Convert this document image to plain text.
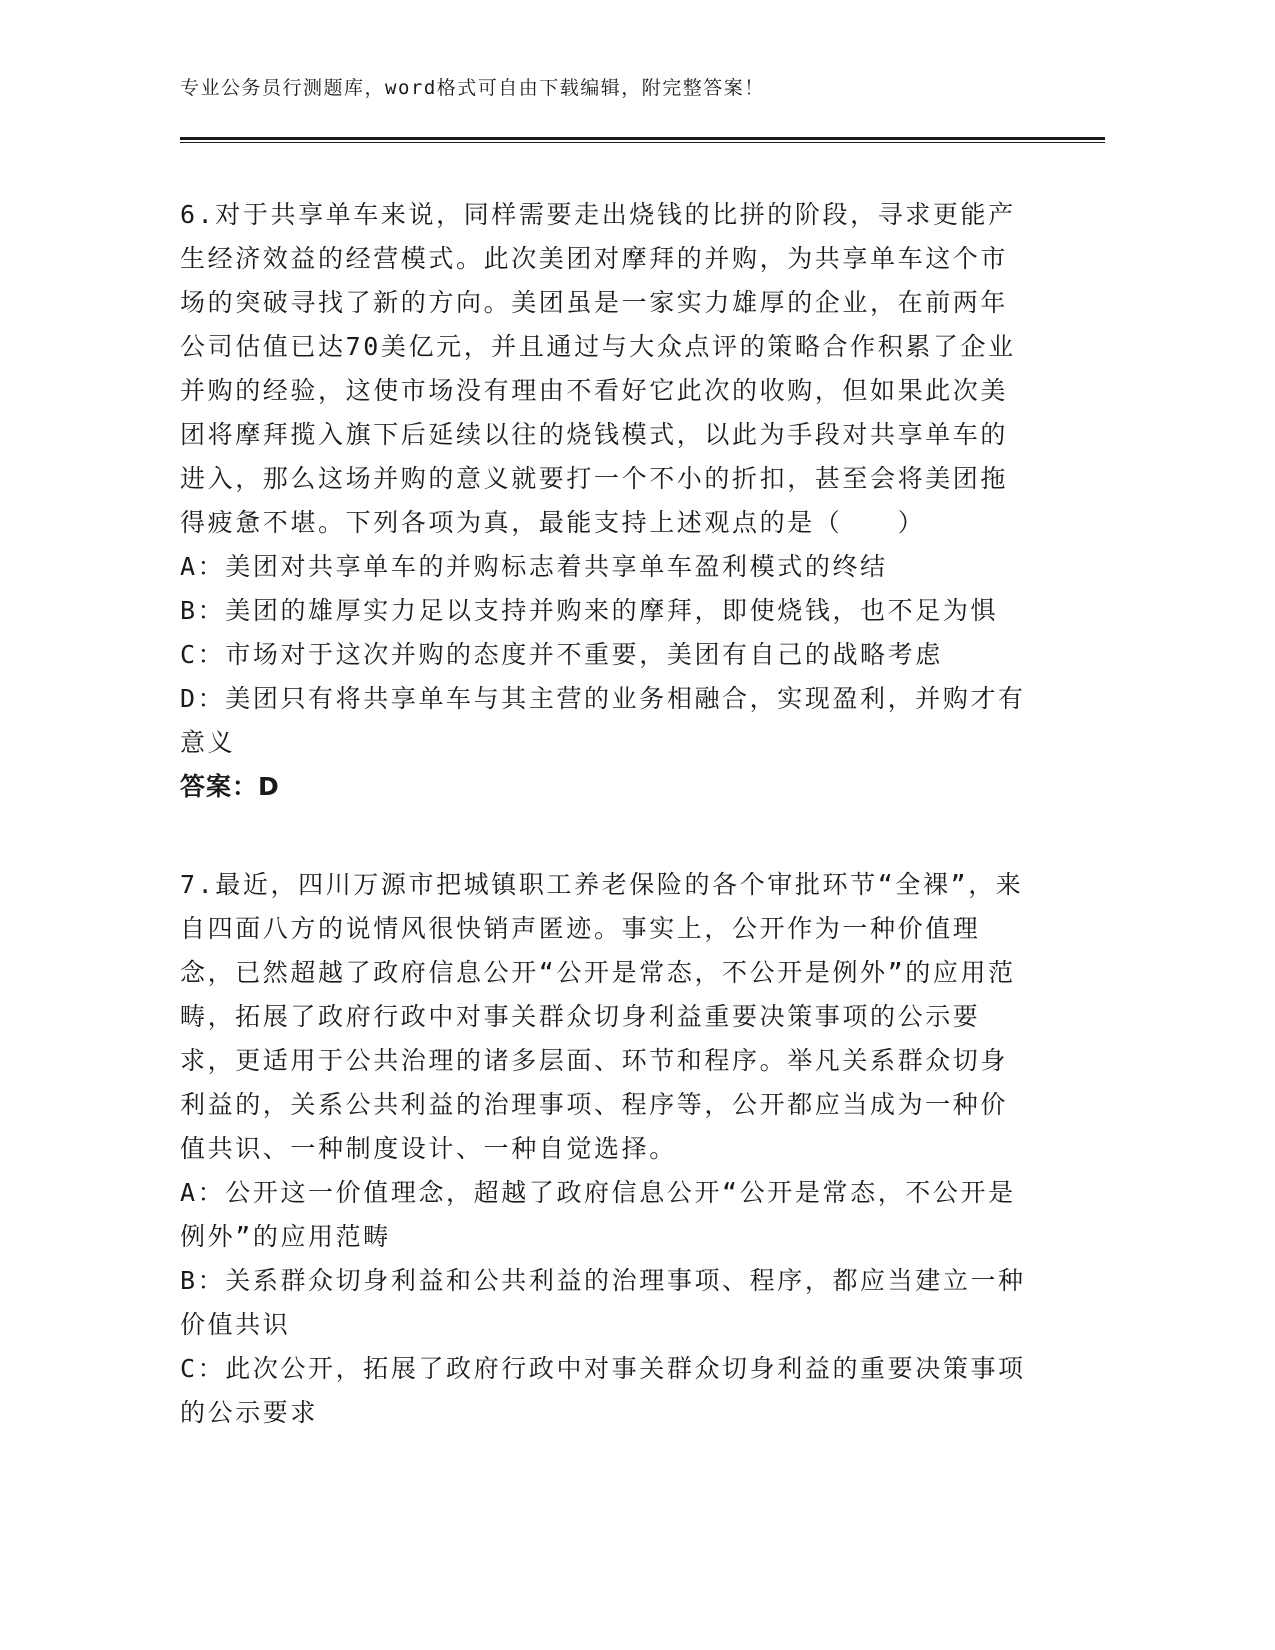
专业公务员行测题库，word格式可自由下载编辑，附完整答案！

6.对于共享单车来说，同样需要走出烧钱的比拼的阶段，寻求更能产生经济效益的经营模式。此次美团对摩拜的并购，为共享单车这个市场的突破寻找了新的方向。美团虽是一家实力雄厚的企业，在前两年公司估值已达70美亿元，并且通过与大众点评的策略合作积累了企业并购的经验，这使市场没有理由不看好它此次的收购，但如果此次美团将摩拜揽入旗下后延续以往的烧钱模式，以此为手段对共享单车的进入，那么这场并购的意义就要打一个不小的折扣，甚至会将美团拖得疲惫不堪。下列各项为真，最能支持上述观点的是（　　）

A：美团对共享单车的并购标志着共享单车盈利模式的终结

B：美团的雄厚实力足以支持并购来的摩拜，即使烧钱，也不足为惧

C：市场对于这次并购的态度并不重要，美团有自己的战略考虑

D：美团只有将共享单车与其主营的业务相融合，实现盈利，并购才有意义

答案：D

7.最近，四川万源市把城镇职工养老保险的各个审批环节“全裸”，来自四面八方的说情风很快销声匿迹。事实上，公开作为一种价值理念，已然超越了政府信息公开“公开是常态，不公开是例外”的应用范畴，拓展了政府行政中对事关群众切身利益重要决策事项的公示要求，更适用于公共治理的诸多层面、环节和程序。举凡关系群众切身利益的，关系公共利益的治理事项、程序等，公开都应当成为一种价值共识、一种制度设计、一种自觉选择。

A：公开这一价值理念，超越了政府信息公开“公开是常态，不公开是例外”的应用范畴

B：关系群众切身利益和公共利益的治理事项、程序，都应当建立一种价值共识

C：此次公开，拓展了政府行政中对事关群众切身利益的重要决策事项的公示要求
